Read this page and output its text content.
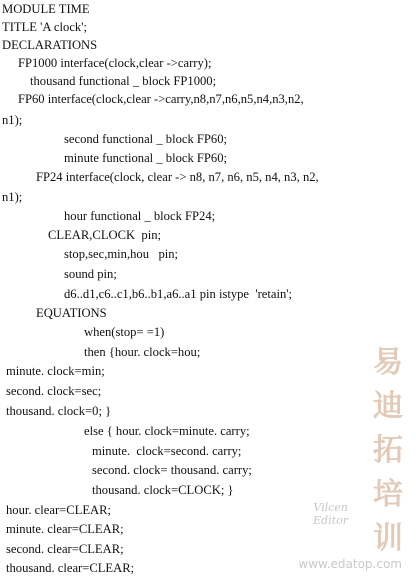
MODULE TIME
TITLE 'A clock';
DECLARATIONS
FP1000 interface(clock,clear ->carry);
thousand functional _ block FP1000;
FP60 interface(clock,clear ->carry,n8,n7,n6,n5,n4,n3,n2,
n1);
second functional _ block FP60;
minute functional _ block FP60;
FP24 interface(clock, clear -> n8, n7, n6, n5, n4, n3, n2,
n1);
hour functional _ block FP24;
CLEAR,CLOCK  pin;
stop,sec,min,hou   pin;
sound pin;
d6..d1,c6..c1,b6..b1,a6..a1 pin istype  'retain';
EQUATIONS
when(stop= =1)
then {hour. clock=hou;
minute. clock=min;
second. clock=sec;
thousand. clock=0; }
else { hour. clock=minute. carry;
minute.  clock=second. carry;
second. clock= thousand. carry;
thousand. clock=CLOCK; }
hour. clear=CLEAR;
minute. clear=CLEAR;
second. clear=CLEAR;
thousand. clear=CLEAR;
Vilcen Editor
易迪拓培训
www.edatop.com
